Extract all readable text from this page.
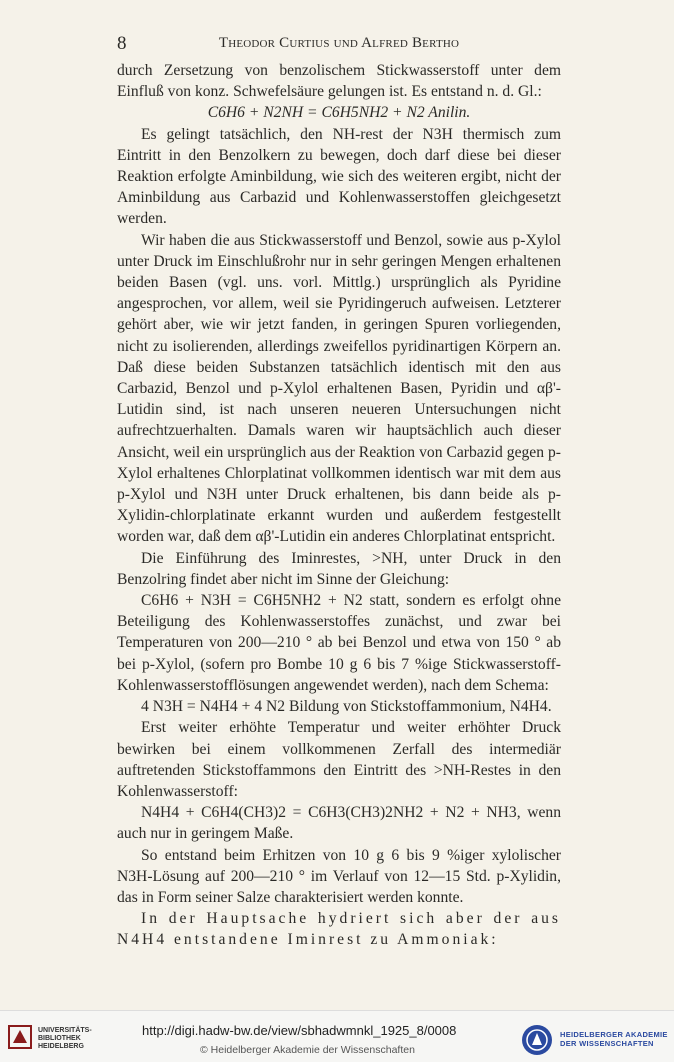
8	Theodor Curtius und Alfred Bertho

durch Zersetzung von benzolischem Stickwasserstoff unter dem Einfluß von konz. Schwefelsäure gelungen ist. Es entstand n. d. Gl.:

C6H6 + N2NH = C6H5NH2 + N2 Anilin.

Es gelingt tatsächlich, den NH-rest der N3H thermisch zum Eintritt in den Benzolkern zu bewegen, doch darf diese bei dieser Reaktion erfolgte Aminbildung, wie sich des weiteren ergibt, nicht der Aminbildung aus Carbazid und Kohlenwasserstoffen gleichgesetzt werden.

Wir haben die aus Stickwasserstoff und Benzol, sowie aus p-Xylol unter Druck im Einschlußrohr nur in sehr geringen Mengen erhaltenen beiden Basen (vgl. uns. vorl. Mittlg.) ursprünglich als Pyridine angesprochen, vor allem, weil sie Pyridingeruch aufweisen. Letzterer gehört aber, wie wir jetzt fanden, in geringen Spuren vorliegenden, nicht zu isolierenden, allerdings zweifellos pyridinartigen Körpern an. Daß diese beiden Substanzen tatsächlich identisch mit den aus Carbazid, Benzol und p-Xylol erhaltenen Basen, Pyridin und αβ'-Lutidin sind, ist nach unseren neueren Untersuchungen nicht aufrechtzuerhalten. Damals waren wir hauptsächlich auch dieser Ansicht, weil ein ursprünglich aus der Reaktion von Carbazid gegen p-Xylol erhaltenes Chlorplatinat vollkommen identisch war mit dem aus p-Xylol und N3H unter Druck erhaltenen, bis dann beide als p-Xylidin-chlorplatinate erkannt wurden und außerdem festgestellt worden war, daß dem αβ'-Lutidin ein anderes Chlorplatinat entspricht.

Die Einführung des Iminrestes, >NH, unter Druck in den Benzolring findet aber nicht im Sinne der Gleichung:

C6H6 + N3H = C6H5NH2 + N2 statt, sondern es erfolgt ohne Beteiligung des Kohlenwasserstoffes zunächst, und zwar bei Temperaturen von 200—210 ° ab bei Benzol und etwa von 150 ° ab bei p-Xylol, (sofern pro Bombe 10 g 6 bis 7 %ige Stickwasserstoff-Kohlenwasserstofflösungen angewendet werden), nach dem Schema:

4 N3H = N4H4 + 4 N2 Bildung von Stickstoffammonium, N4H4.

Erst weiter erhöhte Temperatur und weiter erhöhter Druck bewirken bei einem vollkommenen Zerfall des intermediär auftretenden Stickstoffammons den Eintritt des >NH-Restes in den Kohlenwasserstoff:

N4H4 + C6H4(CH3)2 = C6H3(CH3)2NH2 + N2 + NH3, wenn auch nur in geringem Maße.

So entstand beim Erhitzen von 10 g 6 bis 9 %iger xylolischer N3H-Lösung auf 200—210 ° im Verlauf von 12—15 Std. p-Xylidin, das in Form seiner Salze charakterisiert werden konnte.

In der Hauptsache hydriert sich aber der aus N4H4 entstandene Iminrest zu Ammoniak:

UNIVERSITÄTS-
BIBLIOTHEK
HEIDELBERG
http://digi.hadw-bw.de/view/sbhadwmnkl_1925_8/0008
© Heidelberger Akademie der Wissenschaften
HEIDELBERGER AKADEMIE
DER WISSENSCHAFTEN
